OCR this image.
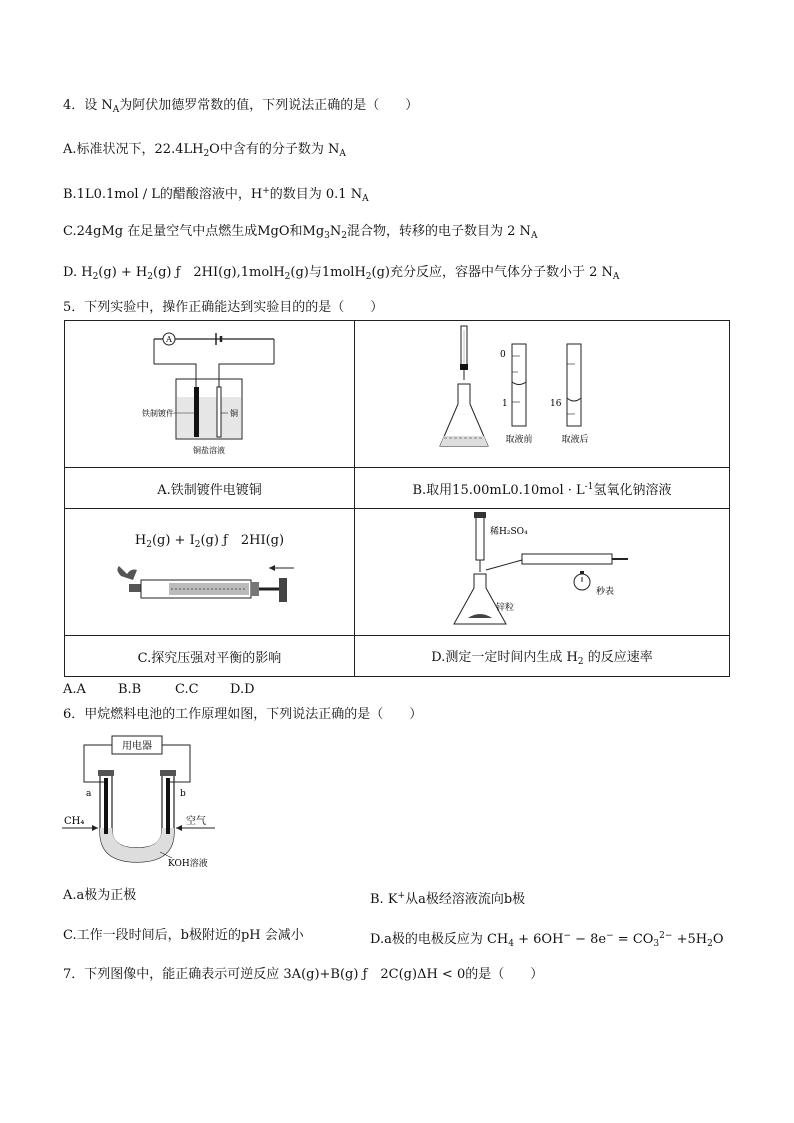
4．设 $N_A$为阿伏加德罗常数的值，下列说法正确的是（　　）
A.标准状况下，$22.4LH_2O$中含有的分子数为 $N_A$
B.1L0.1mol / L的醋酸溶液中，H+的数目为 0.1 $N_A$
C.24gMg 在足量空气中点燃生成MgO和$Mg_3N_2$混合物，转移的电子数目为 2 $N_A$
D. $H_2(g) + H_2(g)$ ƒ　2HI(g),1molH$_2$(g)与1molH$_2$(g)充分反应，容器中气体分子数小于 2 $N_A$
5．下列实验中，操作正确能达到实验目的的是（　　）
A
铁制镀件 铜
铜盐溶液	0
1 16
取液前 取液后

A.铁制镀件电镀铜	B.取用$15.00mL0.10mol \cdot L^{-1}$氢氧化钠溶液

$H_2(g) + I_2(g)$ ƒ　2HI(g)	稀H₂SO₄
锌粒
秒表

C.探究压强对平衡的影响	D.测定一定时间内生成 $H_2$ 的反应速率
A.A B.B	C.C D.D
6．甲烷燃料电池的工作原理如图，下列说法正确的是（　　）
用电器
a	b
CH₄	空气
KOH溶液
A.a极为正极	B. K+从a极经溶液流向b极
C.工作一段时间后，b极附近的pH 会减小	D.a极的电极反应为 $CH_4 + 6OH^- - 8e^- = CO_3^{2-} +5H_2O$
7．下列图像中，能正确表示可逆反应 3A(g)+B(g) ƒ　2C(g)ΔH < 0的是（　　）
